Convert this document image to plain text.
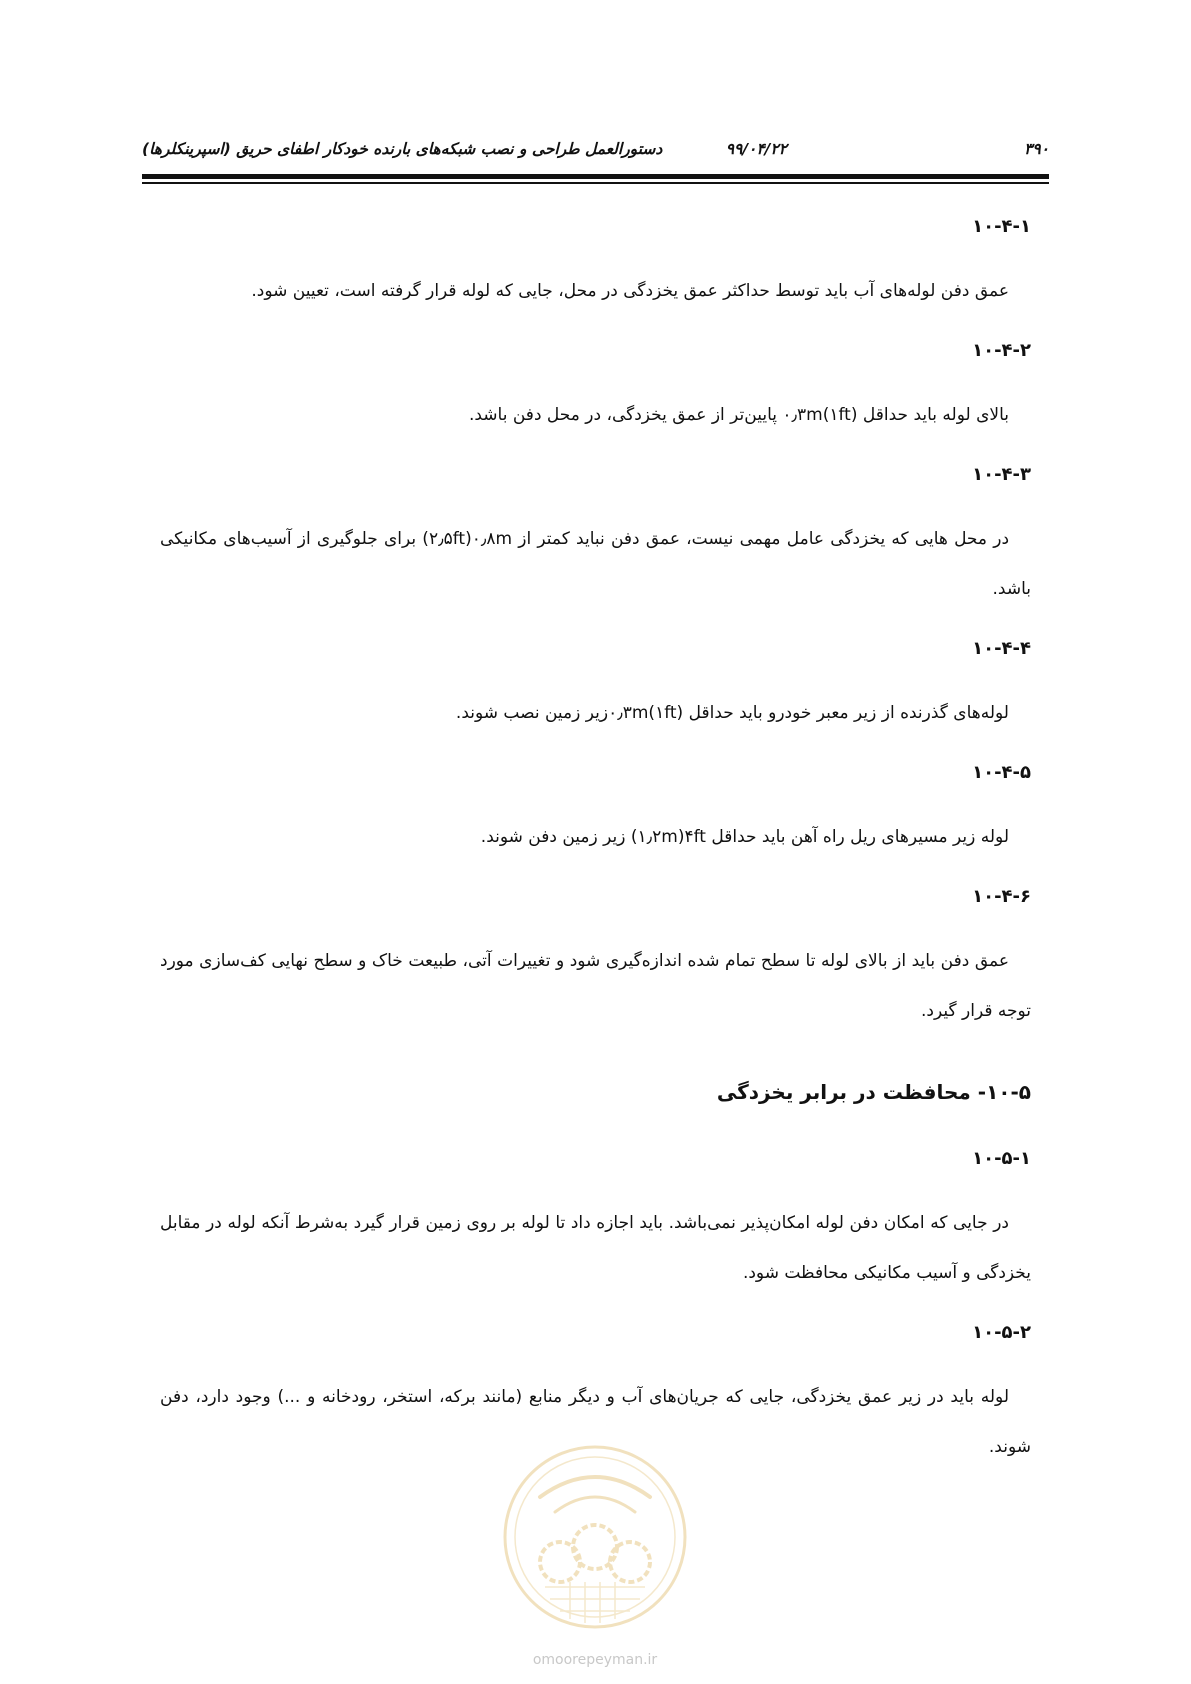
۳۹۰
۹۹/۰۴/۲۲
دستورالعمل طراحی و نصب شبکه‌های بارنده خودکار اطفای حریق (اسپرینکلرها)
۱۰-۴-۱
عمق دفن لوله‌های آب باید توسط حداکثر عمق یخزدگی در محل، جایی که لوله قرار گرفته است، تعیین شود.
۱۰-۴-۲
بالای لوله باید حداقل ۰٫۳m(۱ft) پایین‌تر از عمق یخزدگی، در محل دفن باشد.
۱۰-۴-۳
در محل هایی که یخزدگی عامل مهمی نیست، عمق دفن نباید کمتر از ۰٫۸m(۲٫۵ft) برای جلوگیری از آسیب‌های مکانیکی باشد.
۱۰-۴-۴
لوله‌های گذرنده از زیر معبر خودرو باید حداقل ۰٫۳m(۱ft)زیر زمین نصب شوند.
۱۰-۴-۵
لوله زیر مسیرهای ریل راه آهن باید حداقل ۴ft(۱٫۲m) زیر زمین دفن شوند.
۱۰-۴-۶
عمق دفن باید از بالای لوله تا سطح تمام شده اندازه‌گیری شود و تغییرات آتی، طبیعت خاک و سطح نهایی کف‌سازی مورد توجه قرار گیرد.
۱۰-۵- محافظت در برابر یخزدگی
۱۰-۵-۱
در جایی که امکان دفن لوله امکان‌پذیر نمی‌باشد. باید اجازه داد تا لوله بر روی زمین قرار گیرد به‌شرط آنکه لوله در مقابل یخزدگی و آسیب مکانیکی محافظت شود.
۱۰-۵-۲
لوله باید در زیر عمق یخزدگی، جایی که جریان‌های آب و دیگر منابع (مانند برکه، استخر، رودخانه و ...) وجود دارد، دفن شوند.
omoorepeyman.ir
